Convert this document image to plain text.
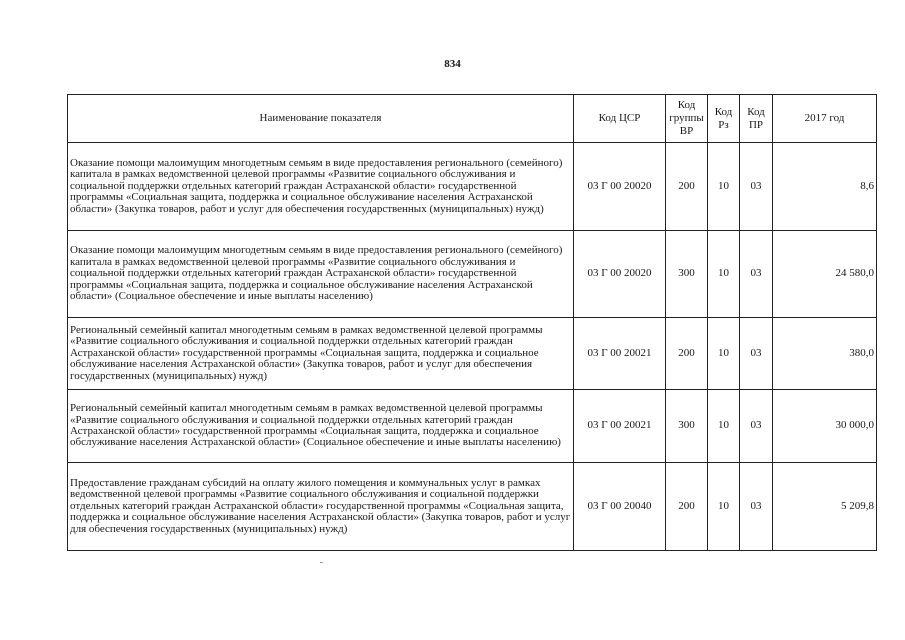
834
Наименование показателя	Код ЦСР	Код группы ВР	Код Рз	Код ПР	2017 год
Оказание помощи малоимущим многодетным семьям в виде предоставления регионального (семейного) капитала в рамках ведомственной целевой программы «Развитие социального обслуживания и социальной поддержки отдельных категорий граждан Астраханской области» государственной программы «Социальная защита, поддержка и социальное обслуживание населения Астраханской области» (Закупка товаров, работ и услуг для обеспечения государственных (муниципальных) нужд)	03 Г 00 20020	200	10	03	8,6
Оказание помощи малоимущим многодетным семьям в виде предоставления регионального (семейного) капитала в рамках ведомственной целевой программы «Развитие социального обслуживания и социальной поддержки отдельных категорий граждан Астраханской области» государственной программы «Социальная защита, поддержка и социальное обслуживание населения Астраханской области» (Социальное обеспечение и иные выплаты населению)	03 Г 00 20020	300	10	03	24 580,0
Региональный семейный капитал многодетным семьям в рамках ведомственной целевой программы «Развитие социального обслуживания и социальной поддержки отдельных категорий граждан Астраханской области» государственной программы «Социальная защита, поддержка и социальное обслуживание населения Астраханской области» (Закупка товаров, работ и услуг для обеспечения государственных (муниципальных) нужд)	03 Г 00 20021	200	10	03	380,0
Региональный семейный капитал многодетным семьям в рамках ведомственной целевой программы «Развитие социального обслуживания и социальной поддержки отдельных категорий граждан Астраханской области» государственной программы «Социальная защита, поддержка и социальное обслуживание населения Астраханской области» (Социальное обеспечение и иные выплаты населению)	03 Г 00 20021	300	10	03	30 000,0
Предоставление гражданам субсидий на оплату жилого помещения и коммунальных услуг в рамках ведомственной целевой программы «Развитие социального обслуживания и социальной поддержки отдельных категорий граждан Астраханской области» государственной программы «Социальная защита, поддержка и социальное обслуживание населения Астраханской области» (Закупка товаров, работ и услуг для обеспечения государственных (муниципальных) нужд)	03 Г 00 20040	200	10	03	5 209,8
